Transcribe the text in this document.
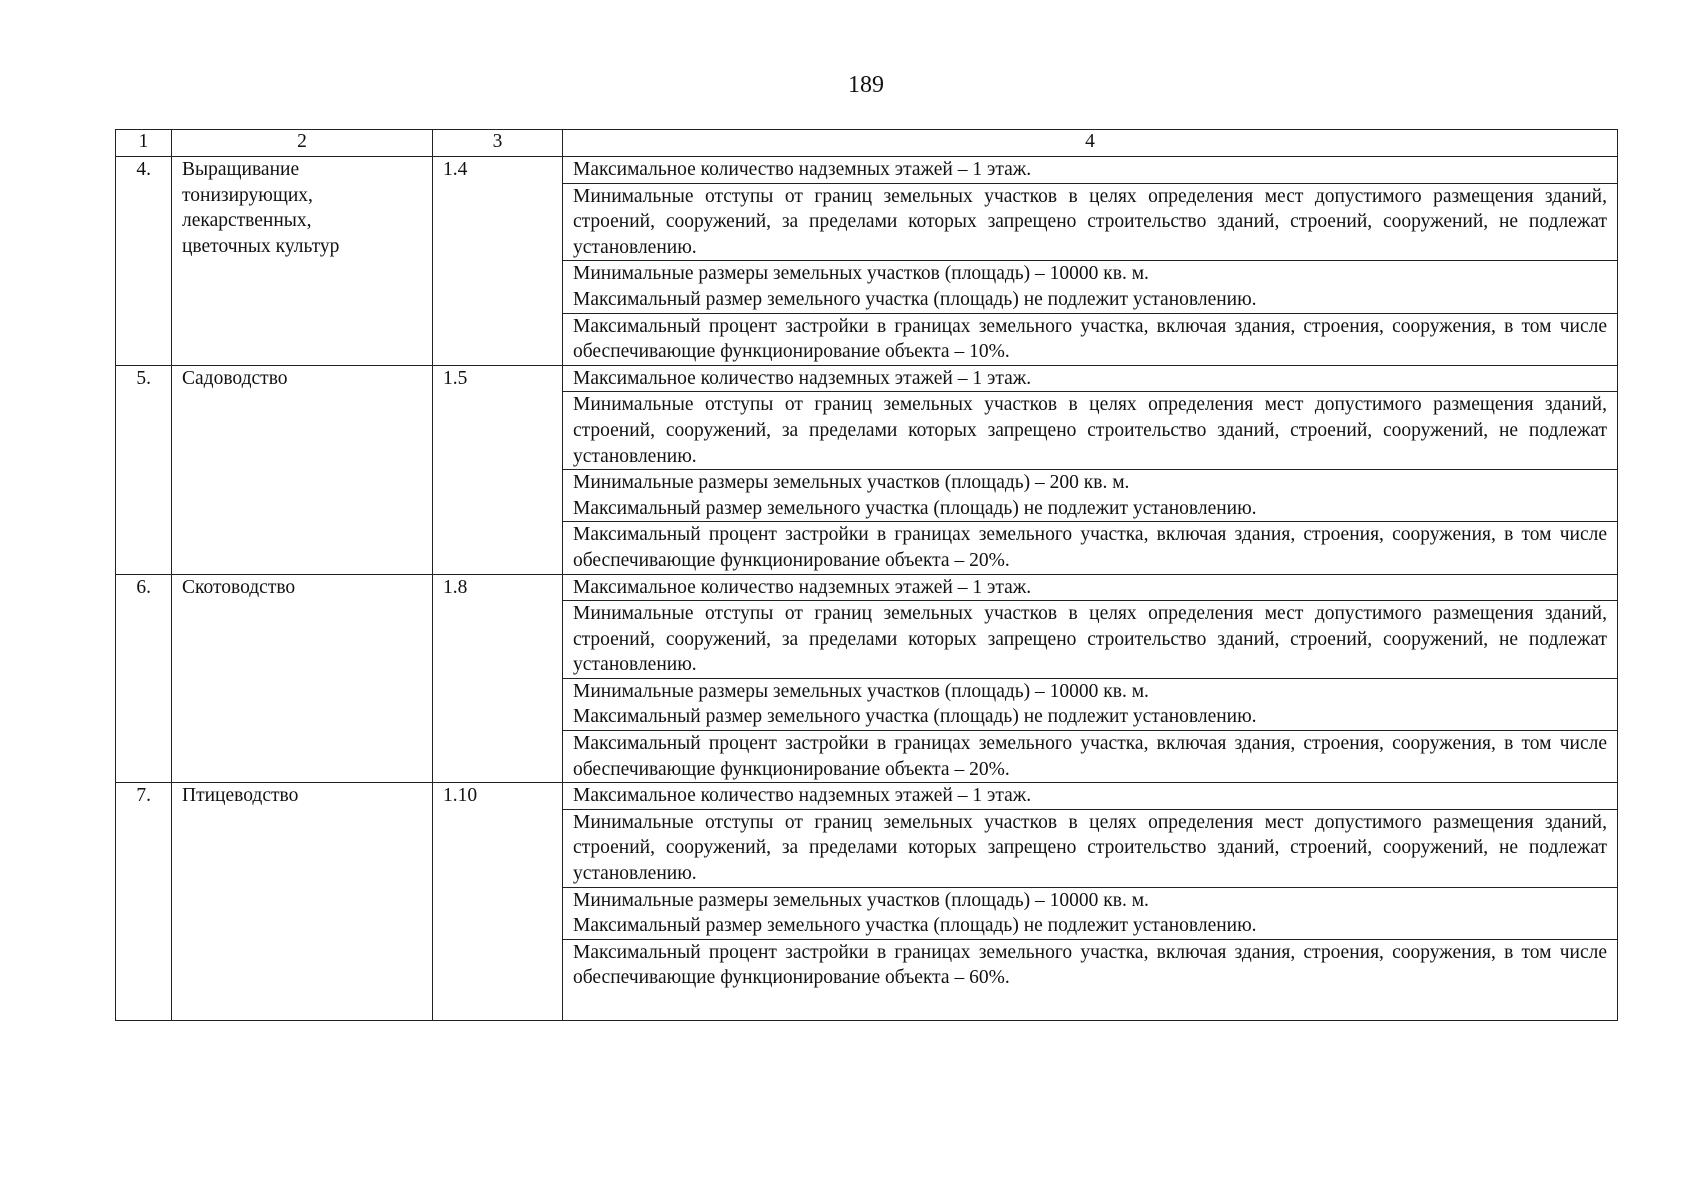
189
1	2	3	4
4.	Выращивание
тонизирующих,
лекарственных,
цветочных культур	1.4	Максимальное количество надземных этажей – 1 этаж.
			Минимальные отступы от границ земельных участков в целях определения мест допустимого размещения зданий, строений, сооружений, за пределами которых запрещено строительство зданий, строений, сооружений, не подлежат установлению.
			Минимальные размеры земельных участков (площадь) – 10000 кв. м.
Максимальный размер земельного участка (площадь) не подлежит установлению.
			Максимальный процент застройки в границах земельного участка, включая здания, строения, сооружения, в том числе обеспечивающие функционирование объекта – 10%.
5.	Садоводство	1.5	Максимальное количество надземных этажей – 1 этаж.
			Минимальные отступы от границ земельных участков в целях определения мест допустимого размещения зданий, строений, сооружений, за пределами которых запрещено строительство зданий, строений, сооружений, не подлежат установлению.
			Минимальные размеры земельных участков (площадь) – 200 кв. м.
Максимальный размер земельного участка (площадь) не подлежит установлению.
			Максимальный процент застройки в границах земельного участка, включая здания, строения, сооружения, в том числе обеспечивающие функционирование объекта – 20%.
6.	Скотоводство	1.8	Максимальное количество надземных этажей – 1 этаж.
			Минимальные отступы от границ земельных участков в целях определения мест допустимого размещения зданий, строений, сооружений, за пределами которых запрещено строительство зданий, строений, сооружений, не подлежат установлению.
			Минимальные размеры земельных участков (площадь) – 10000 кв. м.
Максимальный размер земельного участка (площадь) не подлежит установлению.
			Максимальный процент застройки в границах земельного участка, включая здания, строения, сооружения, в том числе обеспечивающие функционирование объекта – 20%.
7.	Птицеводство	1.10	Максимальное количество надземных этажей – 1 этаж.
			Минимальные отступы от границ земельных участков в целях определения мест допустимого размещения зданий, строений, сооружений, за пределами которых запрещено строительство зданий, строений, сооружений, не подлежат установлению.
			Минимальные размеры земельных участков (площадь) – 10000 кв. м.
Максимальный размер земельного участка (площадь) не подлежит установлению.
			Максимальный процент застройки в границах земельного участка, включая здания, строения, сооружения, в том числе обеспечивающие функционирование объекта – 60%.
